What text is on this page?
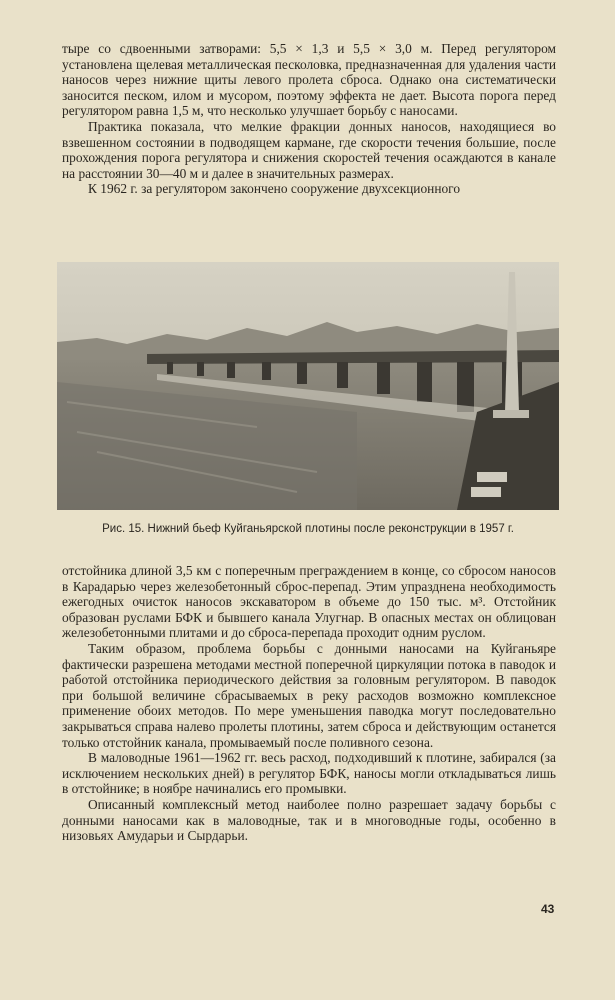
тыре со сдвоенными затворами: 5,5 × 1,3 и 5,5 × 3,0 м. Перед регулятором установлена щелевая металлическая песколовка, предназначенная для удаления части наносов через нижние щиты левого пролета сброса. Однако она систематически заносится песком, илом и мусором, поэтому эффекта не дает. Высота порога перед регулятором равна 1,5 м, что несколько улучшает борьбу с наносами.

Практика показала, что мелкие фракции донных наносов, находящиеся во взвешенном состоянии в подводящем кармане, где скорости течения большие, после прохождения порога регулятора и снижения скоростей течения осаждаются в канале на расстоянии 30—40 м и далее в значительных размерах.

К 1962 г. за регулятором закончено сооружение двухсекционного

Рис. 15. Нижний бьеф Куйганьярской плотины после реконструкции в 1957 г.

отстойника длиной 3,5 км с поперечным преграждением в конце, со сбросом наносов в Карадарью через железобетонный сброс-перепад. Этим упразднена необходимость ежегодных очисток наносов экскаватором в объеме до 150 тыс. м³. Отстойник образован руслами БФК и бывшего канала Улугнар. В опасных местах он облицован железобетонными плитами и до сброса-перепада проходит одним руслом.

Таким образом, проблема борьбы с донными наносами на Куйганьяре фактически разрешена методами местной поперечной циркуляции потока в паводок и работой отстойника периодического действия за головным регулятором. В паводок при большой величине сбрасываемых в реку расходов возможно комплексное применение обоих методов. По мере уменьшения паводка могут последовательно закрываться справа налево пролеты плотины, затем сброса и действующим останется только отстойник канала, промываемый после поливного сезона.

В маловодные 1961—1962 гг. весь расход, подходивший к плотине, забирался (за исключением нескольких дней) в регулятор БФК, наносы могли откладываться лишь в отстойнике; в ноябре начинались его промывки.

Описанный комплексный метод наиболее полно разрешает задачу борьбы с донными наносами как в маловодные, так и в многоводные годы, особенно в низовьях Амударьи и Сырдарьи.

43
